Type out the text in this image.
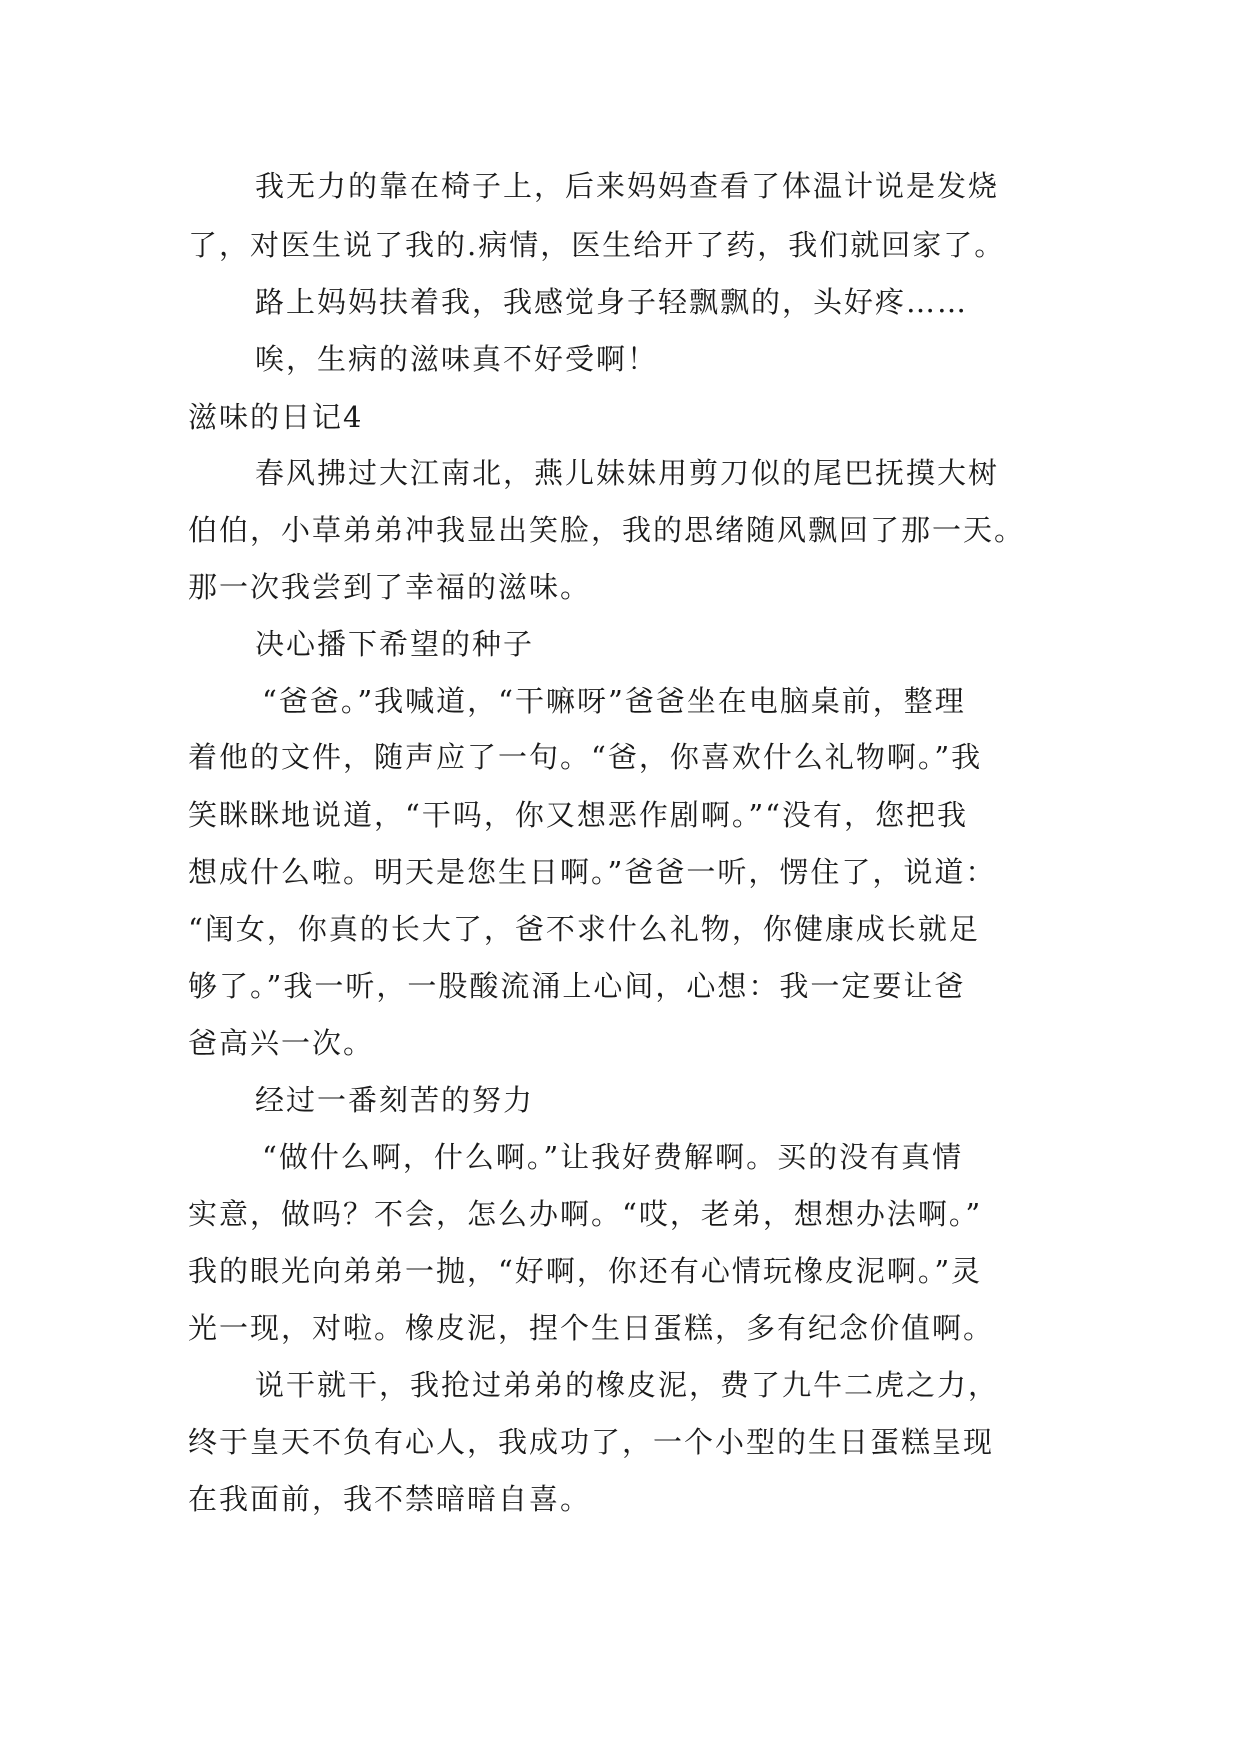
我无力的靠在椅子上，后来妈妈查看了体温计说是发烧
了，对医生说了我的.病情，医生给开了药，我们就回家了。
路上妈妈扶着我，我感觉身子轻飘飘的，头好疼……
唉，生病的滋味真不好受啊！
滋味的日记4
春风拂过大江南北，燕儿妹妹用剪刀似的尾巴抚摸大树
伯伯，小草弟弟冲我显出笑脸，我的思绪随风飘回了那一天。
那一次我尝到了幸福的滋味。
决心播下希望的种子
“爸爸。”我喊道，“干嘛呀”爸爸坐在电脑桌前，整理
着他的文件，随声应了一句。“爸，你喜欢什么礼物啊。”我
笑眯眯地说道，“干吗，你又想恶作剧啊。”“没有，您把我
想成什么啦。明天是您生日啊。”爸爸一听，愣住了，说道：
“闺女，你真的长大了，爸不求什么礼物，你健康成长就足
够了。”我一听，一股酸流涌上心间，心想：我一定要让爸
爸高兴一次。
经过一番刻苦的努力
“做什么啊，什么啊。”让我好费解啊。买的没有真情
实意，做吗？不会，怎么办啊。“哎，老弟，想想办法啊。”
我的眼光向弟弟一抛，“好啊，你还有心情玩橡皮泥啊。”灵
光一现，对啦。橡皮泥，捏个生日蛋糕，多有纪念价值啊。
说干就干，我抢过弟弟的橡皮泥，费了九牛二虎之力，
终于皇天不负有心人，我成功了，一个小型的生日蛋糕呈现
在我面前，我不禁暗暗自喜。
